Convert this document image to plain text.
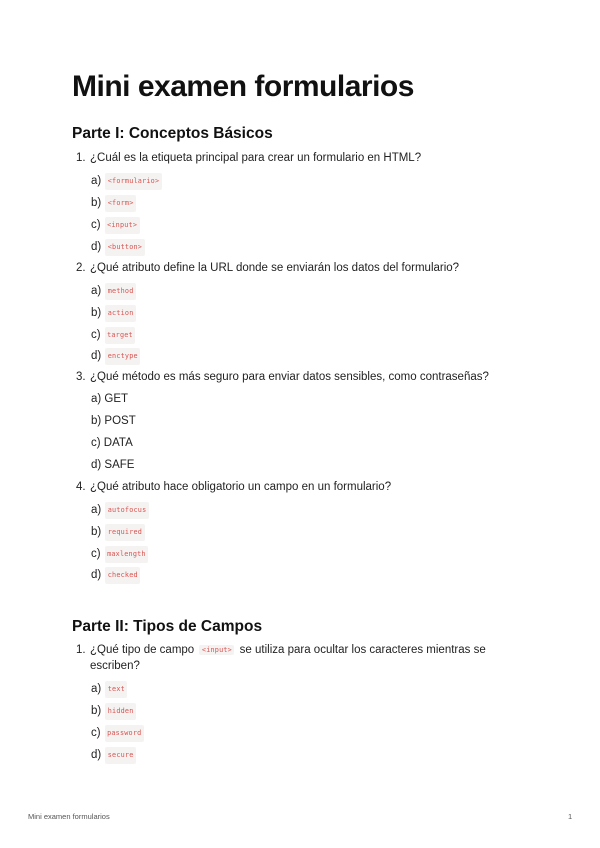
Mini examen formularios
Parte I: Conceptos Básicos
1. ¿Cuál es la etiqueta principal para crear un formulario en HTML?
a) <formulario>
b) <form>
c) <input>
d) <button>
2. ¿Qué atributo define la URL donde se enviarán los datos del formulario?
a) method
b) action
c) target
d) enctype
3. ¿Qué método es más seguro para enviar datos sensibles, como contraseñas?
a) GET
b) POST
c) DATA
d) SAFE
4. ¿Qué atributo hace obligatorio un campo en un formulario?
a) autofocus
b) required
c) maxlength
d) checked
Parte II: Tipos de Campos
1. ¿Qué tipo de campo <input> se utiliza para ocultar los caracteres mientras se
escriben?
a) text
b) hidden
c) password
d) secure
Mini examen formularios	1
